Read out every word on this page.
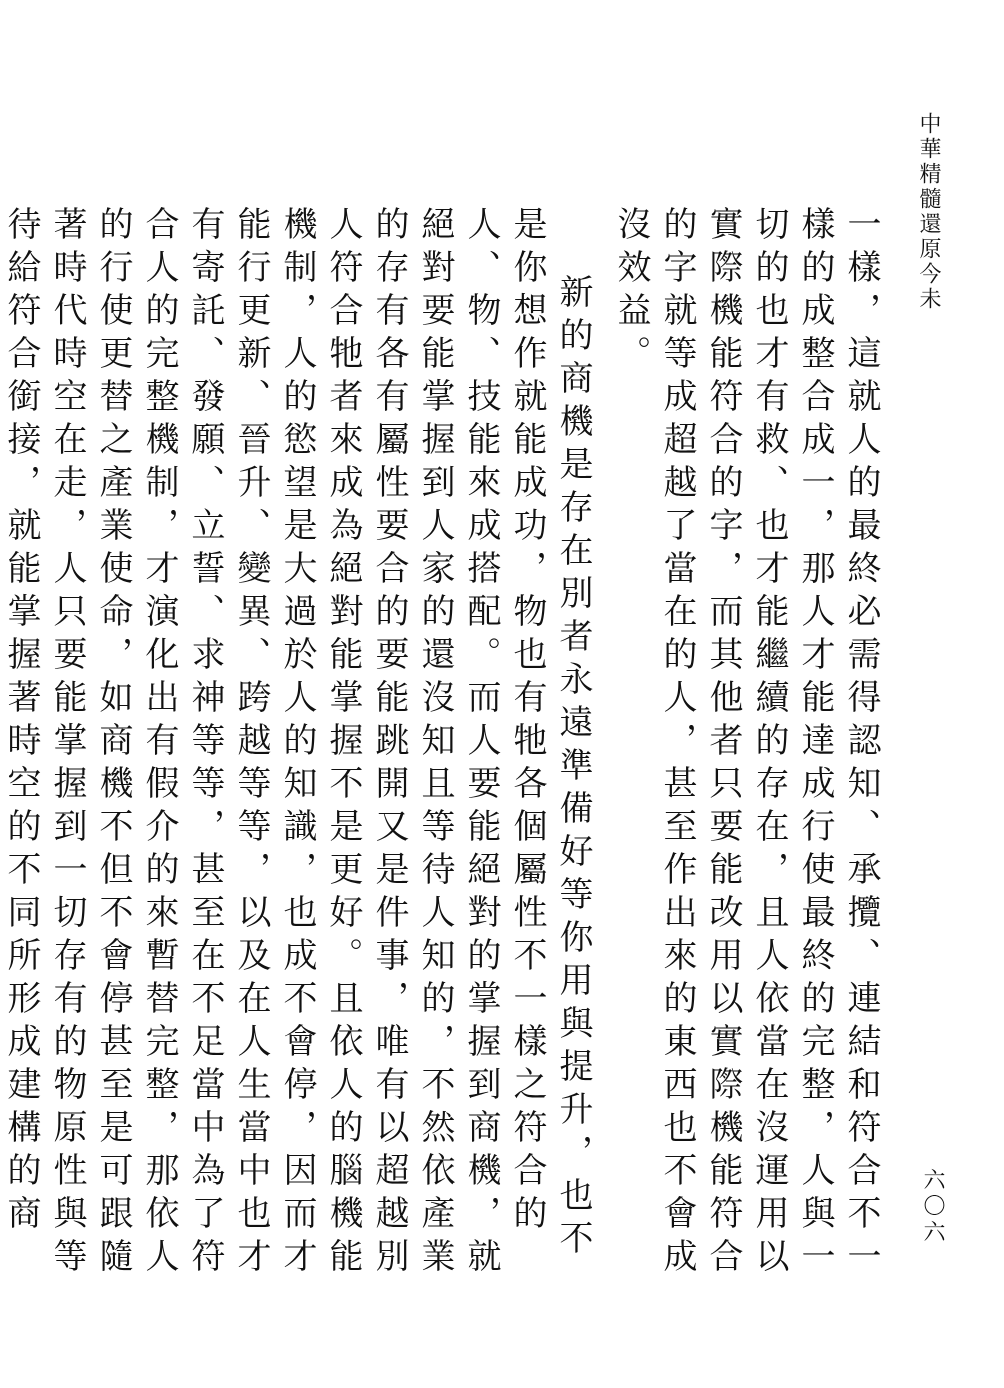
中華精髓還原今未

一樣，這就人的最終必需得認知、承攬、連結和符合不一樣的成整合成一，那人才能達成行使最終的完整，人與一切的也才有救、也才能繼續的存在，且人依當在沒運用以實際機能符合的字，而其他者只要能改用以實際機能符合的字就等成超越了當在的人，甚至作出來的東西也不會成沒效益。

新的商機是存在別者永遠準備好等你用與提升，也不是你想作就能成功，物也有牠各個屬性不一樣之符合的人、物、技能來成搭配。而人要能絕對的掌握到商機，就絕對要能掌握到人家的還沒知且等待人知的，不然依產業的存有各有屬性要合的要能跳開又是件事，唯有以超越別人符合牠者來成為絕對能掌握不是更好。且依人的腦機能機制，人的慾望是大過於人的知識，也成不會停，因而才能行更新、晉升、變異、跨越等等，以及在人生當中也才有寄託、發願、立誓、求神等等，甚至在不足當中為了符合人的完整機制，才演化出有假介的來暫替完整，那依人的行使更替之產業使命，如商機不但不會停甚至是可跟隨著時代時空在走，人只要能掌握到一切存有的物原性與等待給符合銜接，就能掌握著時空的不同所形成建構的商	六〇六
